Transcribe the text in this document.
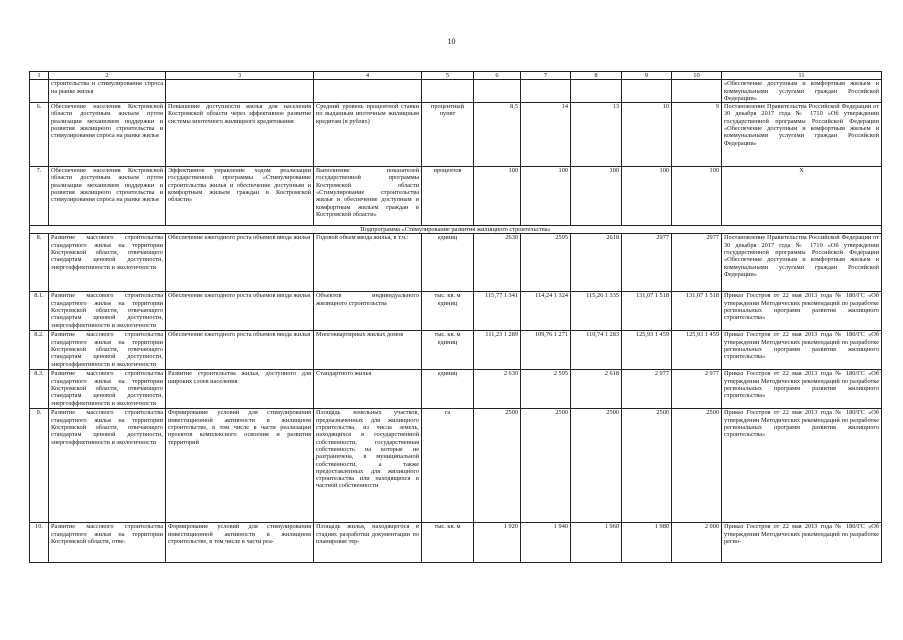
10
1	2	3	4	5	6	7	8	9	10	11
	строительства и стимулирования спроса на рынке жилья									«Обеспечение доступным и комфортным жильем и коммунальными услугами граждан Российской Федерации»
6.	Обеспечение населения Костромской области доступным жильем путем реализации механизмов поддержки и развития жилищного строительства и стимулирования спроса на рынке жилья	Повышение доступности жилья для населения Костромской области через эффективное развитие системы ипотечного жилищного кредитования	Средний уровень процентной ставки по выданным ипотечным жилищным кредитам (в рублях)	процентный пункт	8,5	14	13	10	9	Постановление Правительства Российской Федерации от 30 декабря 2017 года № 1710 «Об утверждении государственной программы Российской Федерации «Обеспечение доступным и комфортным жильем и коммунальными услугами граждан Российской Федерации»
7.	Обеспечение населения Костромской области доступным жильем путем реализации механизмов поддержки и развития жилищного строительства и стимулирования спроса на рынке жилья	Эффективное управление ходом реализации государственной программы «Стимулирование строительства жилья и обеспечение доступным и комфортным жильем граждан в Костромской области»	Выполнение показателей государственной программы Костромской области «Стимулирование строительства жилья и обеспечение доступным и комфортным жильем граждан в Костромской области»	процентов	100	100	100	100	100	Х
Подпрограмма «Стимулирование развития жилищного строительства»										
8.	Развитие массового строительства стандартного жилья на территории Костромской области, отвечающего стандартам ценовой доступности, энергоэффективности и экологичности	Обеспечение ежегодного роста объемов ввода жилья	Годовой объем ввода жилья, в т.ч.:	единиц	2630	2595	2618	2977	2977	Постановление Правительства Российской Федерации от 30 декабря 2017 года № 1710 «Об утверждении государственной программы Российской Федерации «Обеспечение доступным и комфортным жильем и коммунальными услугами граждан Российской Федерации»
8.1.	Развитие массового строительства стандартного жилья на территории Костромской области, отвечающего стандартам ценовой доступности, энергоэффективности и экологичности	Обеспечение ежегодного роста объемов ввода жилья	Объектов индивидуального жилищного строительства	тыс. кв. м единиц	115,77 1 341	114,24 1 324	115,26 1 335	131,07 1 518	131,07 1 518	Приказ Госстроя от 22 мая 2013 года № 180/ГС «Об утверждении Методических рекомендаций по разработке региональных программ развития жилищного строительства»
8.2.	Развитие массового строительства стандартного жилья на территории Костромской области, отвечающего стандартам ценовой доступности, энергоэффективности и экологичности	Обеспечение ежегодного роста объемов ввода жилья	Многоквартирных жилых домов	тыс. кв. м единиц	111,23 1 289	109,76 1 271	110,74 1 283	125,93 1 459	125,93 1 459	Приказ Госстроя от 22 мая 2013 года № 180/ГС «Об утверждении Методических рекомендаций по разработке региональных программ развития жилищного строительства»
8.3.	Развитие массового строительства стандартного жилья на территории Костромской области, отвечающего стандартам ценовой доступности, энергоэффективности и экологичности	Развитие строительства жилья, доступного для широких слоев населения	Стандартного жилья	единиц	2 630	2 595	2 618	2 977	2 977	Приказ Госстроя от 22 мая 2013 года № 180/ГС «Об утверждении Методических рекомендаций по разработке региональных программ развития жилищного строительства»
9.	Развитие массового строительства стандартного жилья на территории Костромской области, отвечающего стандартам ценовой доступности, энергоэффективности и экологичности	Формирование условий для стимулирования инвестиционной активности в жилищном строительстве, в том числе в части реализации проектов комплексного освоения и развития территорий	Площадь земельных участков, предназначенных для жилищного строительства, из числа земель, находящихся в государственной собственности, государственная собственность на которые не разграничена, в муниципальной собственности, а также предоставленных для жилищного строительства или находящихся в частной собственности	га	2500	2500	2500	2500	2500	Приказ Госстроя от 22 мая 2013 года № 180/ГС «Об утверждении Методических рекомендаций по разработке региональных программ развития жилищного строительства»
10.	Развитие массового строительства стандартного жилья на территории Костромской области, отве-	Формирование условий для стимулирования инвестиционной активности в жилищном строительстве, в том числе в части реа-	Площадь жилья, находящегося в стадиях разработки документации по планировке тер-	тыс. кв. м	1 920	1 940	1 960	1 980	2 000	Приказ Госстроя от 22 мая 2013 года № 180/ГС «Об утверждении Методических рекомендаций по разработке регио-
